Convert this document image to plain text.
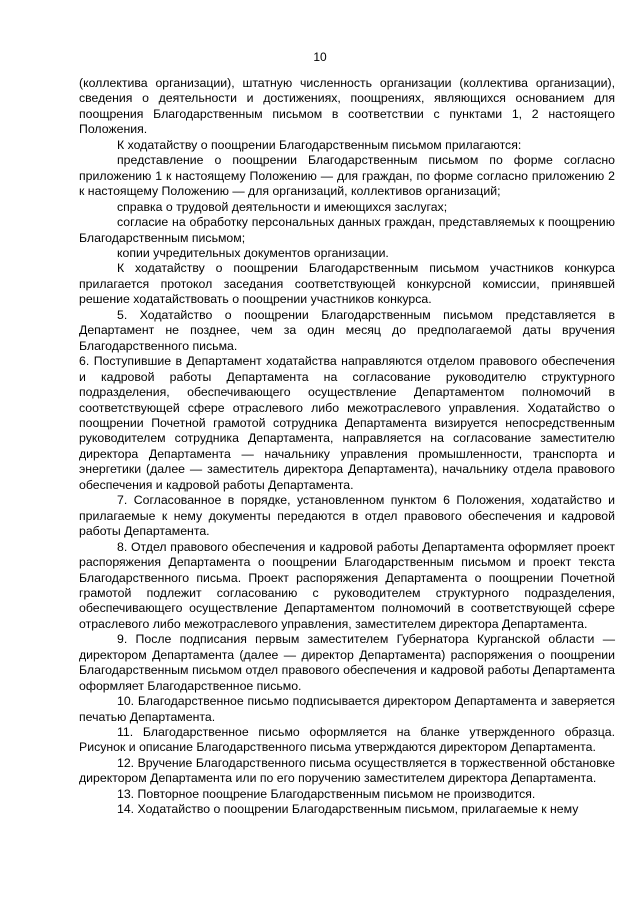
10

(коллектива организации), штатную численность организации (коллектива организации), сведения о деятельности и достижениях, поощрениях, являющихся основанием для поощрения Благодарственным письмом в соответствии с пунктами 1, 2 настоящего Положения.

К ходатайству о поощрении Благодарственным письмом прилагаются:

представление о поощрении Благодарственным письмом по форме согласно приложению 1 к настоящему Положению — для граждан, по форме согласно приложению 2 к настоящему Положению — для организаций, коллективов организаций;

справка о трудовой деятельности и имеющихся заслугах;

согласие на обработку персональных данных граждан, представляемых к поощрению Благодарственным письмом;

копии учредительных документов организации.

К ходатайству о поощрении Благодарственным письмом участников конкурса прилагается протокол заседания соответствующей конкурсной комиссии, принявшей решение ходатайствовать о поощрении участников конкурса.

5. Ходатайство о поощрении Благодарственным письмом представляется в Департамент не позднее, чем за один месяц до предполагаемой даты вручения Благодарственного письма.

6. Поступившие в Департамент ходатайства направляются отделом правового обеспечения и кадровой работы Департамента на согласование руководителю структурного подразделения, обеспечивающего осуществление Департаментом полномочий в соответствующей сфере отраслевого либо межотраслевого управления. Ходатайство о поощрении Почетной грамотой сотрудника Департамента визируется непосредственным руководителем сотрудника Департамента, направляется на согласование заместителю директора Департамента — начальнику управления промышленности, транспорта и энергетики (далее — заместитель директора Департамента), начальнику отдела правового обеспечения и кадровой работы Департамента.

7. Согласованное в порядке, установленном пунктом 6 Положения, ходатайство и прилагаемые к нему документы передаются в отдел правового обеспечения и кадровой работы Департамента.

8. Отдел правового обеспечения и кадровой работы Департамента оформляет проект распоряжения Департамента о поощрении Благодарственным письмом и проект текста Благодарственного письма. Проект распоряжения Департамента о поощрении Почетной грамотой подлежит согласованию с руководителем структурного подразделения, обеспечивающего осуществление Департаментом полномочий в соответствующей сфере отраслевого либо межотраслевого управления, заместителем директора Департамента.

9. После подписания первым заместителем Губернатора Курганской области — директором Департамента (далее — директор Департамента) распоряжения о поощрении Благодарственным письмом отдел правового обеспечения и кадровой работы Департамента оформляет Благодарственное письмо.

10. Благодарственное письмо подписывается директором Департамента и заверяется печатью Департамента.

11. Благодарственное письмо оформляется на бланке утвержденного образца. Рисунок и описание Благодарственного письма утверждаются директором Департамента.

12. Вручение Благодарственного письма осуществляется в торжественной обстановке директором Департамента или по его поручению заместителем директора Департамента.

13. Повторное поощрение Благодарственным письмом не производится.

14. Ходатайство о поощрении Благодарственным письмом, прилагаемые к нему
